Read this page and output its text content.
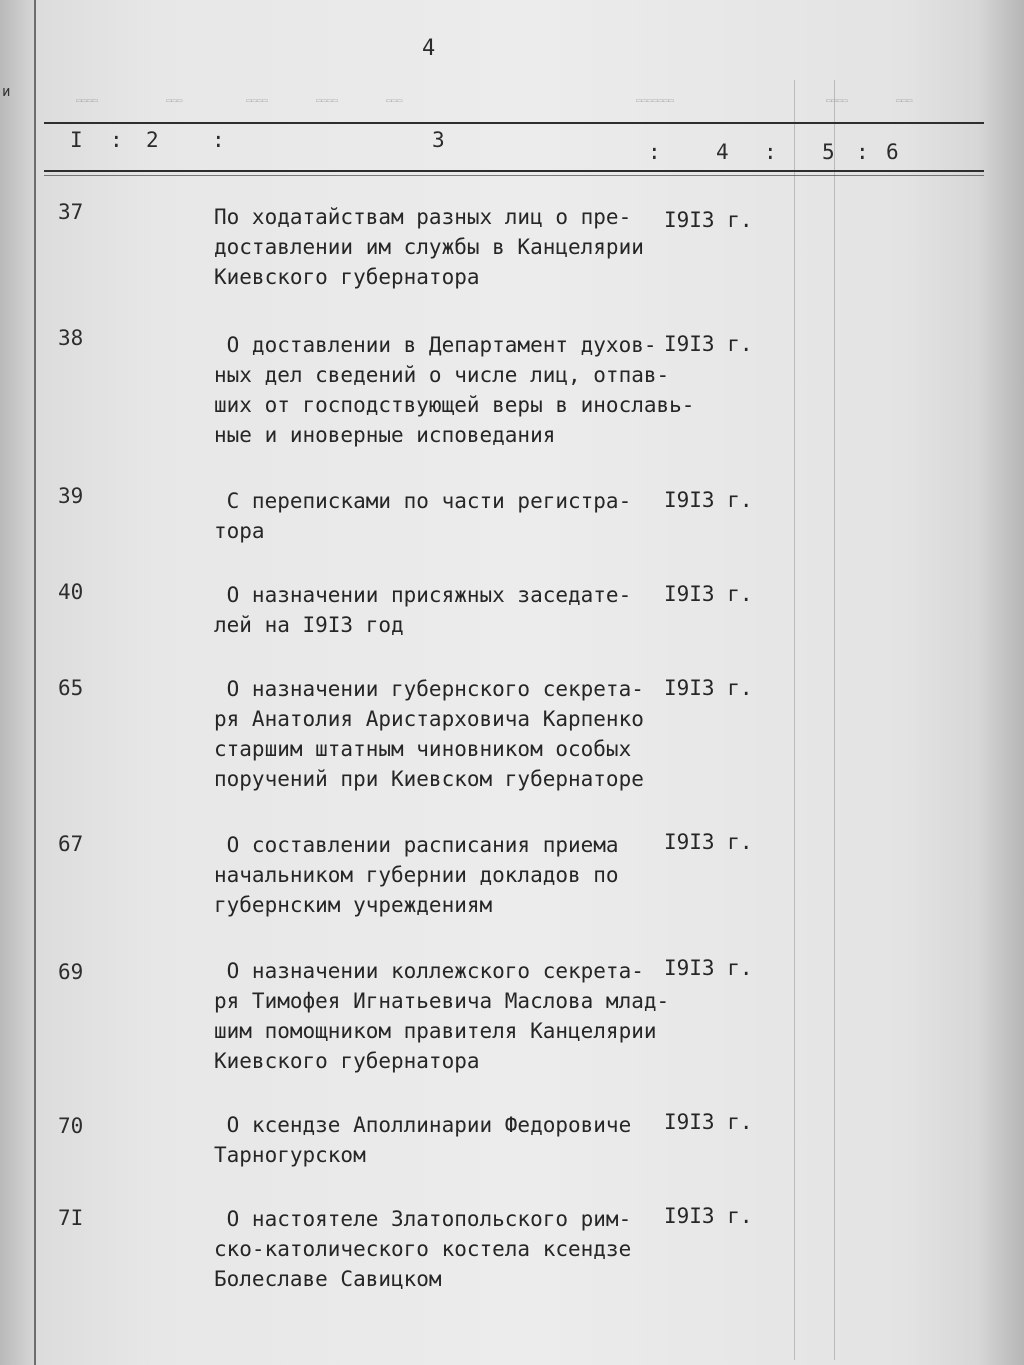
и
4
▭▭▭▭	▭▭▭	▭▭▭▭	▭▭▭▭	▭▭▭	▭▭▭▭▭▭▭	▭▭▭▭	▭▭▭
I : 2 :	3	:	4 : 5 : 6
37	По ходатайствам разных лиц о пре-
доставлении им службы в Канцелярии
Киевского губернатора
I9I3 г.
38	О доставлении в Департамент духов-
ных дел сведений о числе лиц, отпав-
ших от господствующей веры в инославь-
ные и иноверные исповедания
I9I3 г.
39	С переписками по части регистра-
тора
I9I3 г.
40	О назначении присяжных заседате-
лей на I9I3 год
I9I3 г.
65	О назначении губернского секрета-
ря Анатолия Аристарховича Карпенко
старшим штатным чиновником особых
поручений при Киевском губернаторе
I9I3 г.
67	О составлении расписания приема
начальником губернии докладов по
губернским учреждениям
I9I3 г.
69	О назначении коллежского секрета-
ря Тимофея Игнатьевича Маслова млад-
шим помощником правителя Канцелярии
Киевского губернатора
I9I3 г.
70	О ксендзе Аполлинарии Федоровиче
Тарногурском
I9I3 г.
7I	О настоятеле Златопольского рим-
ско-католического костела ксендзе
Болеславе Савицком
I9I3 г.
